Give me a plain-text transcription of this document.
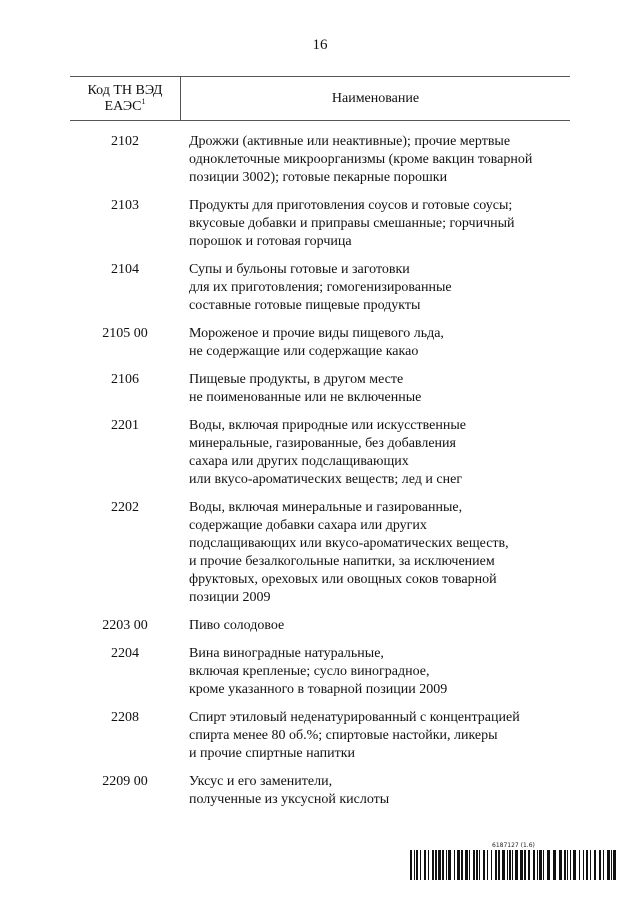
16
Код ТН ВЭД
ЕАЭС$^1$	Наименование
2102	Дрожжи (активные или неактивные); прочие мертвые
одноклеточные микроорганизмы (кроме вакцин товарной
позиции 3002); готовые пекарные порошки
2103	Продукты для приготовления соусов и готовые соусы;
вкусовые добавки и приправы смешанные; горчичный
порошок и готовая горчица
2104	Супы и бульоны готовые и заготовки
для их приготовления; гомогенизированные
составные готовые пищевые продукты
2105 00	Мороженое и прочие виды пищевого льда,
не содержащие или содержащие какао
2106	Пищевые продукты, в другом месте
не поименованные или не включенные
2201	Воды, включая природные или искусственные
минеральные, газированные, без добавления
сахара или других подслащивающих
или вкусо-ароматических веществ; лед и снег
2202	Воды, включая минеральные и газированные,
содержащие добавки сахара или других
подслащивающих или вкусо-ароматических веществ,
и прочие безалкогольные напитки, за исключением
фруктовых, ореховых или овощных соков товарной
позиции 2009
2203 00	Пиво солодовое
2204	Вина виноградные натуральные,
включая крепленые; сусло виноградное,
кроме указанного в товарной позиции 2009
2208	Спирт этиловый неденатурированный с концентрацией
спирта менее 80 об.%; спиртовые настойки, ликеры
и прочие спиртные напитки
2209 00	Уксус и его заменители,
полученные из уксусной кислоты
6187127 (1.6)
